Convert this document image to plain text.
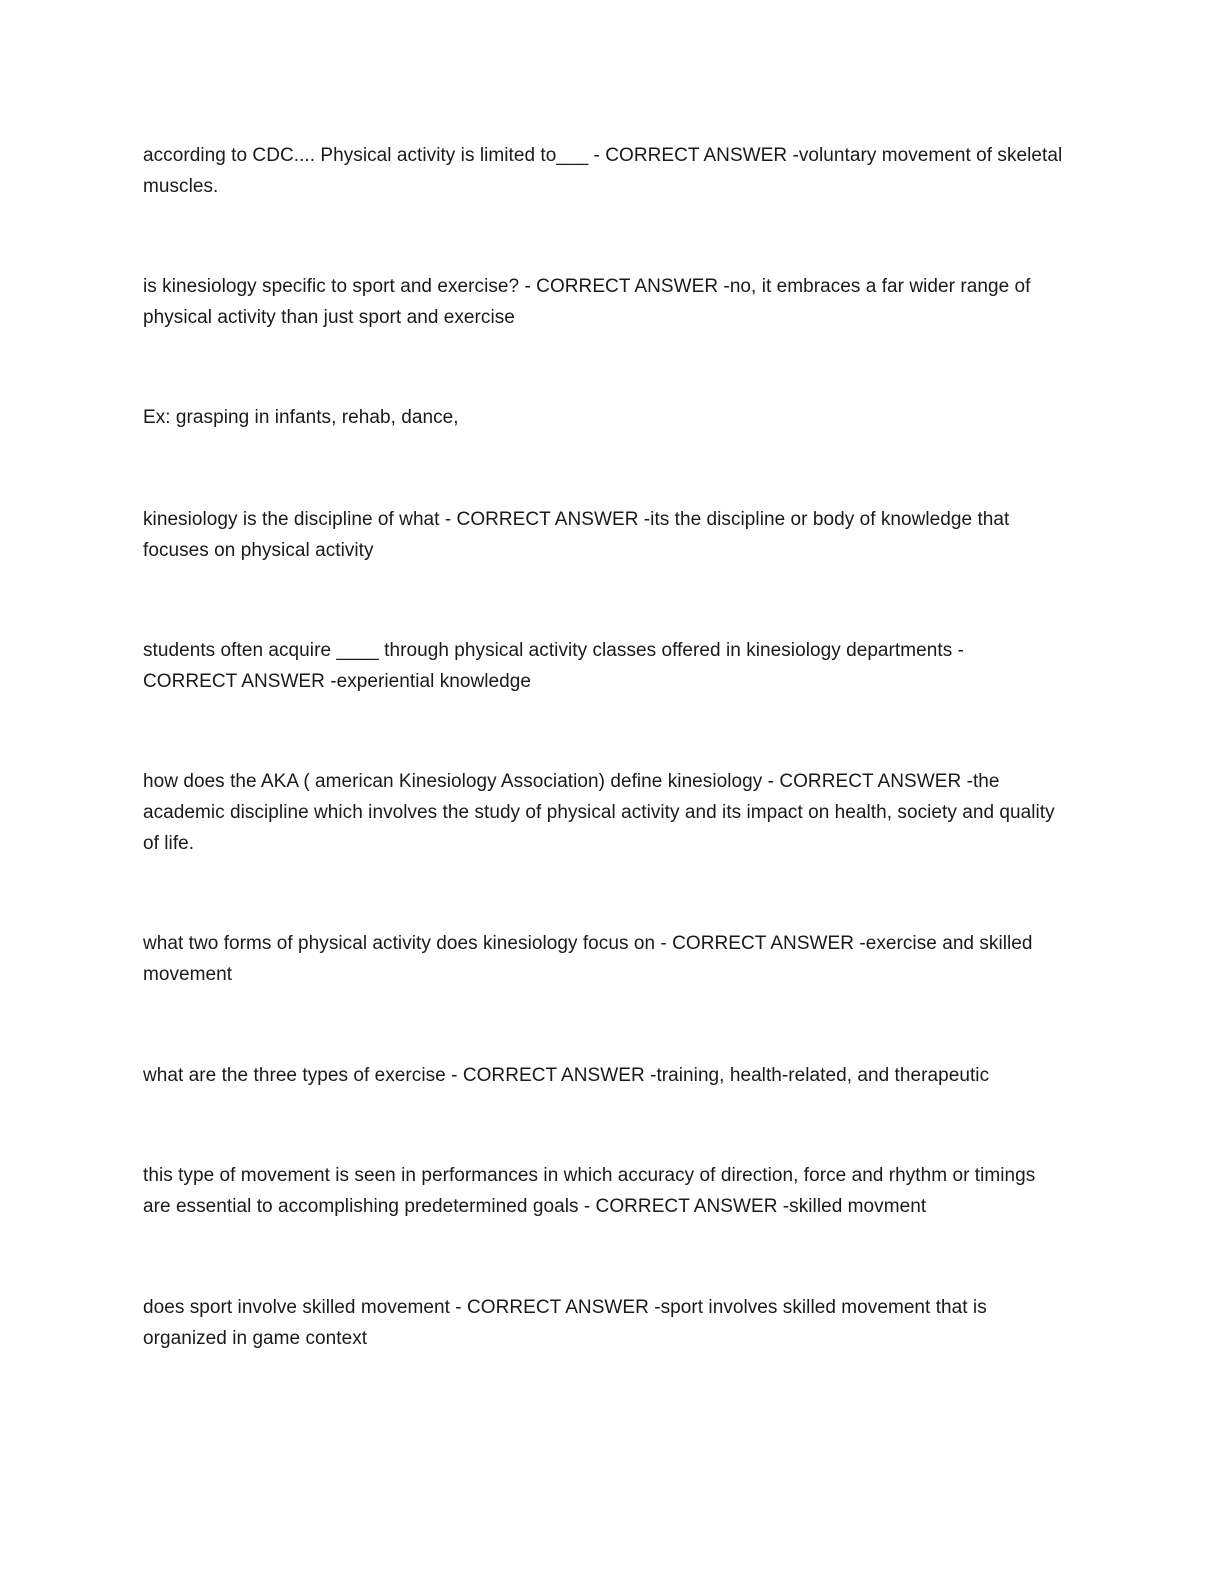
according to CDC.... Physical activity is limited to___ - CORRECT ANSWER -voluntary movement of skeletal muscles.

is kinesiology specific to sport and exercise? - CORRECT ANSWER -no, it embraces a far wider range of physical activity than just sport and exercise

Ex: grasping in infants, rehab, dance,

kinesiology is the discipline of what - CORRECT ANSWER -its the discipline or body of knowledge that focuses on physical activity

students often acquire ____ through physical activity classes offered in kinesiology departments - CORRECT ANSWER -experiential knowledge

how does the AKA ( american Kinesiology Association) define kinesiology - CORRECT ANSWER -the academic discipline which involves the study of physical activity and its impact on health, society and quality of life.

what two forms of physical activity does kinesiology focus on - CORRECT ANSWER -exercise and skilled movement

what are the three types of exercise - CORRECT ANSWER -training, health-related, and therapeutic

this type of movement is seen in performances in which accuracy of direction, force and rhythm or timings are essential to accomplishing predetermined goals - CORRECT ANSWER -skilled movment

does sport involve skilled movement - CORRECT ANSWER -sport involves skilled movement that is organized in game context
